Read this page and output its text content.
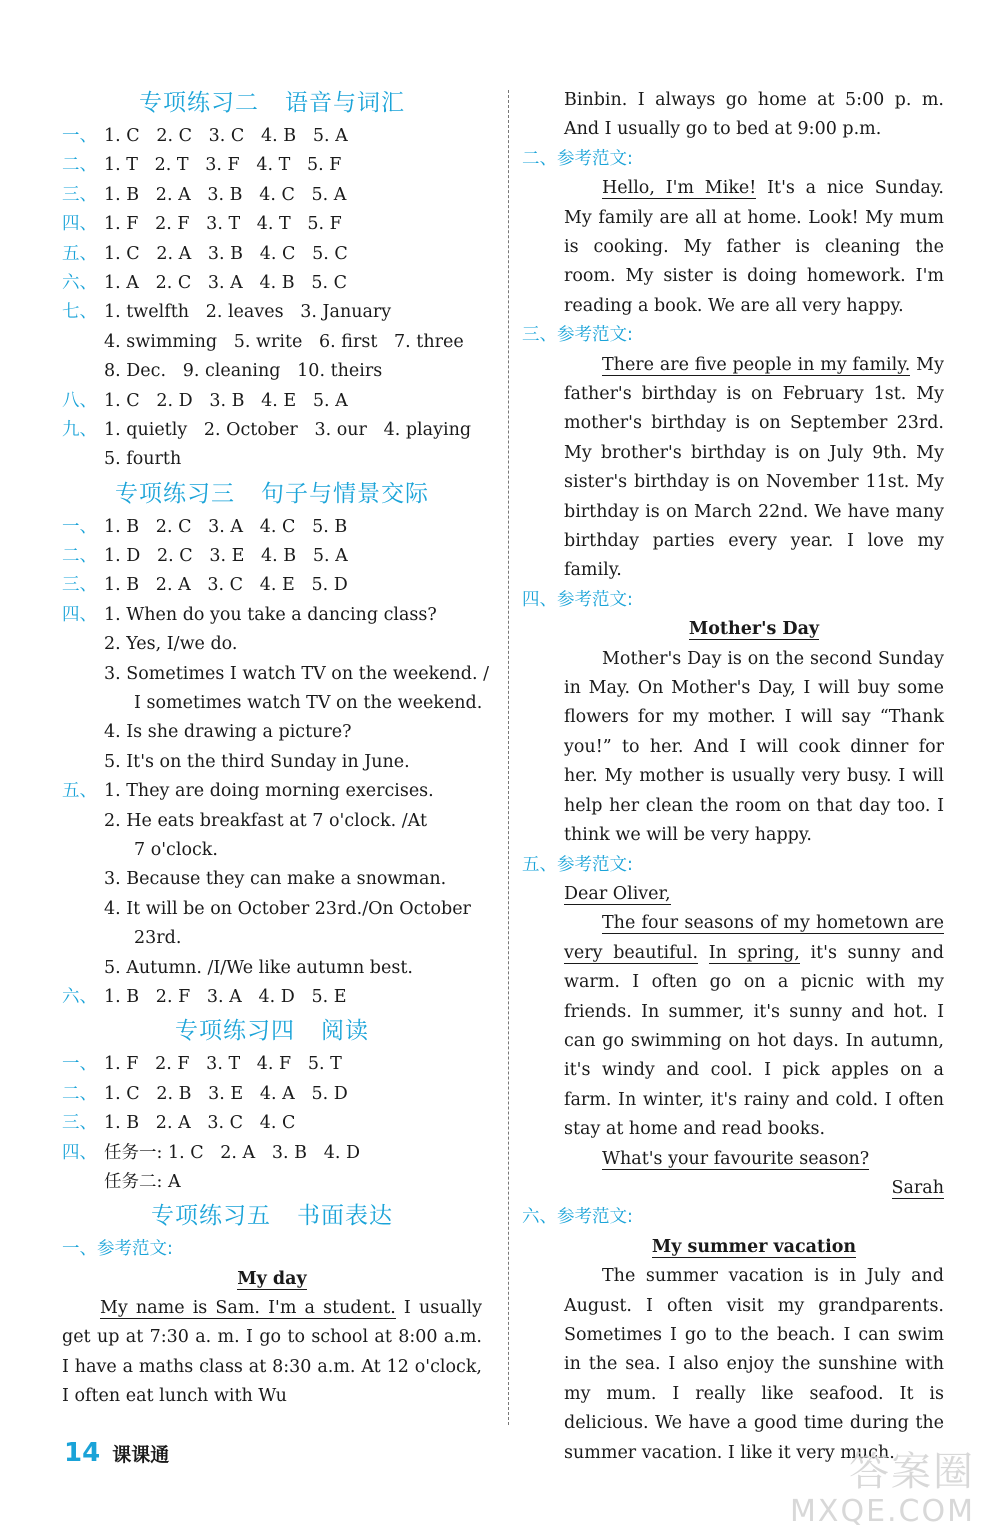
专项练习二 语音与词汇
一、 1. C   2. C   3. C   4. B   5. A
二、 1. T   2. T   3. F   4. T   5. F
三、 1. B   2. A   3. B   4. C   5. A
四、 1. F   2. F   3. T   4. T   5. F
五、 1. C   2. A   3. B   4. C   5. C
六、 1. A   2. C   3. A   4. B   5. C
七、 1. twelfth   2. leaves   3. January
4. swimming   5. write   6. first   7. three
8. Dec.   9. cleaning   10. theirs
八、 1. C   2. D   3. B   4. E   5. A
九、 1. quietly   2. October   3. our   4. playing
5. fourth
专项练习三 句子与情景交际
一、 1. B   2. C   3. A   4. C   5. B
二、 1. D   2. C   3. E   4. B   5. A
三、 1. B   2. A   3. C   4. E   5. D
四、 1. When do you take a dancing class?
2. Yes, I/we do.
3. Sometimes I watch TV on the weekend. /
I sometimes watch TV on the weekend.
4. Is she drawing a picture?
5. It's on the third Sunday in June.
五、 1. They are doing morning exercises.
2. He eats breakfast at 7 o'clock. /At
7 o'clock.
3. Because they can make a snowman.
4. It will be on October 23rd./On October
23rd.
5. Autumn. /I/We like autumn best.
六、 1. B   2. F   3. A   4. D   5. E
专项练习四 阅读
一、 1. F   2. F   3. T   4. F   5. T
二、 1. C   2. B   3. E   4. A   5. D
三、 1. B   2. A   3. C   4. C
四、 任务一: 1. C   2. A   3. B   4. D
任务二: A
专项练习五 书面表达
一、参考范文:
My day
My name is Sam. I'm a student. I usually get up at 7:30 a. m. I go to school at 8:00 a.m. I have a maths class at 8:30 a.m. At 12 o'clock, I often eat lunch with Wu
Binbin. I always go home at 5:00 p. m. And I usually go to bed at 9:00 p.m.
二、参考范文:
Hello, I'm Mike! It's a nice Sunday. My family are all at home. Look! My mum is cooking. My father is cleaning the room. My sister is doing homework. I'm reading a book. We are all very happy.
三、参考范文:
There are five people in my family. My father's birthday is on February 1st. My mother's birthday is on September 23rd. My brother's birthday is on July 9th. My sister's birthday is on November 11st. My birthday is on March 22nd. We have many birthday parties every year. I love my family.
四、参考范文:
Mother's Day
Mother's Day is on the second Sunday in May. On Mother's Day, I will buy some flowers for my mother. I will say “Thank you!” to her. And I will cook dinner for her. My mother is usually very busy. I will help her clean the room on that day too. I think we will be very happy.
五、参考范文:
Dear Oliver,
The four seasons of my hometown are very beautiful. In spring, it's sunny and warm. I often go on a picnic with my friends. In summer, it's sunny and hot. I can go swimming on hot days. In autumn, it's windy and cool. I pick apples on a farm. In winter, it's rainy and cold. I often stay at home and read books.
What's your favourite season?
Sarah
六、参考范文:
My summer vacation
The summer vacation is in July and August. I often visit my grandparents. Sometimes I go to the beach. I can swim in the sea. I also enjoy the sunshine with my mum. I really like seafood. It is delicious. We have a good time during the summer vacation. I like it very much.
14 课课通	答案圈
MXQE.COM
